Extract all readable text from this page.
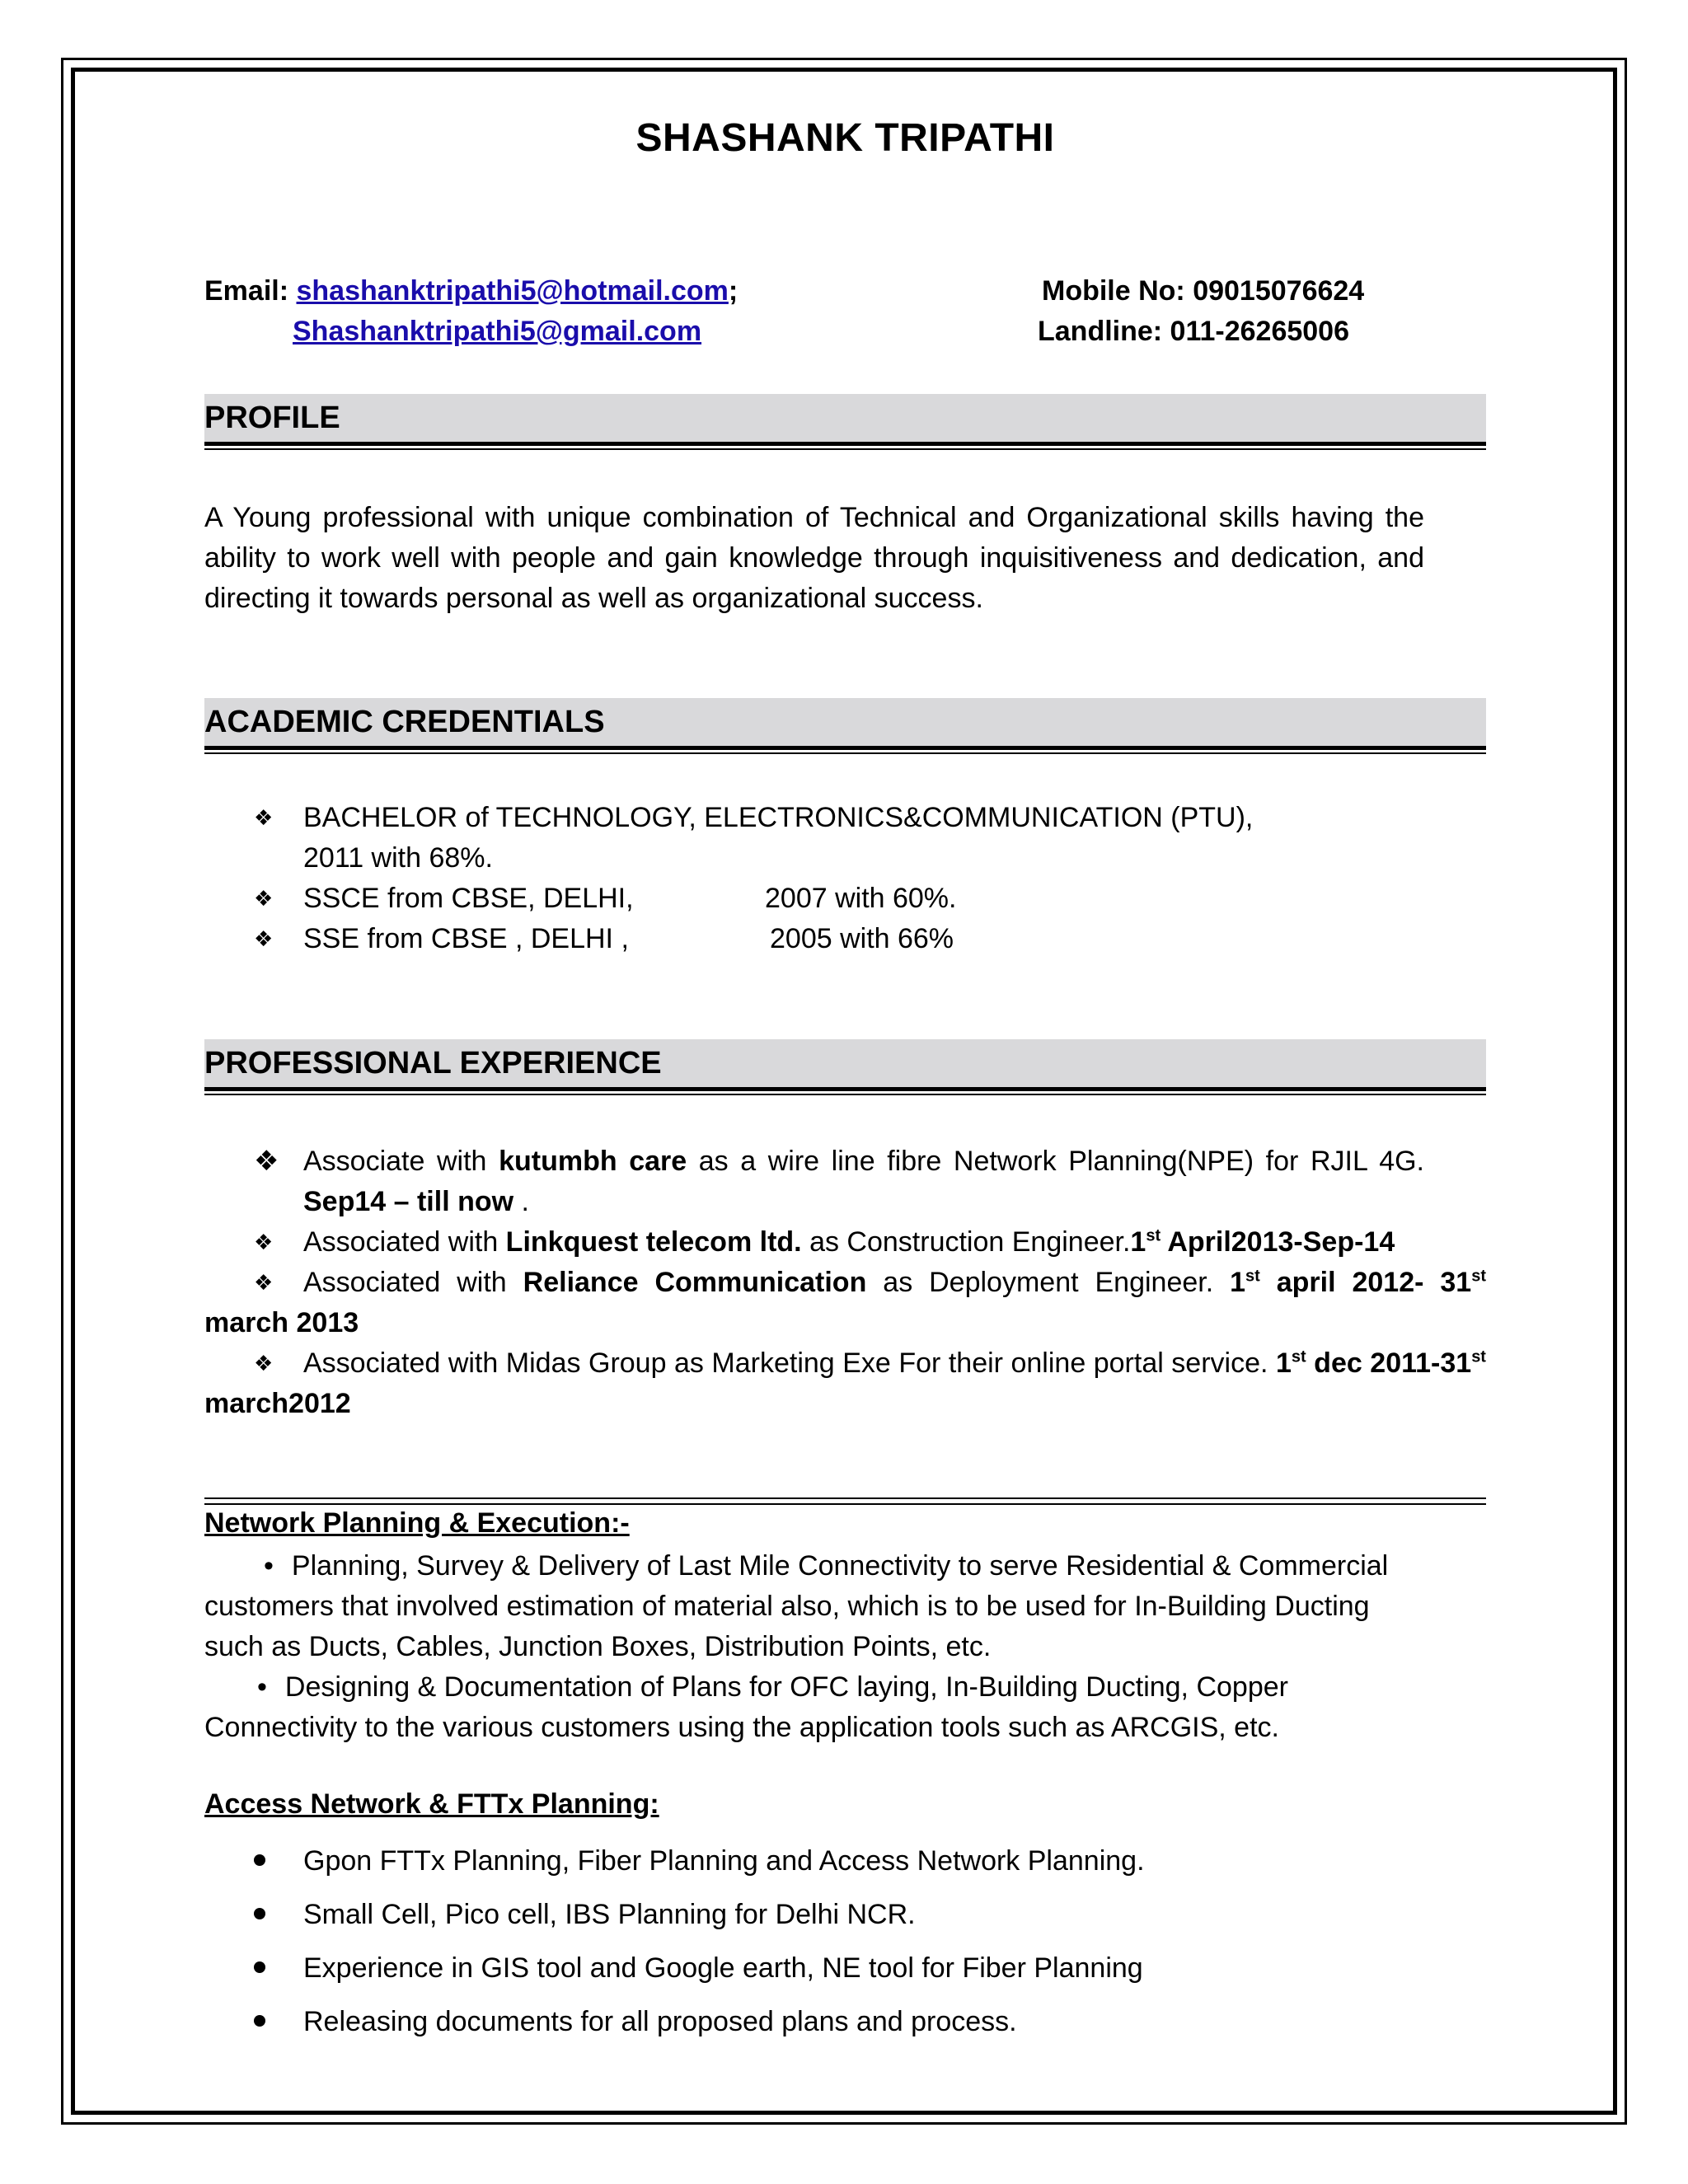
SHASHANK TRIPATHI
Email: shashanktripathi5@hotmail.com;
Shashanktripathi5@gmail.com
Mobile No: 09015076624
Landline: 011-26265006
PROFILE
A Young professional with unique combination of Technical and Organizational skills having the ability to work well with people and gain knowledge through inquisitiveness and dedication, and directing it towards personal as well as organizational success.
ACADEMIC CREDENTIALS
❖ BACHELOR of TECHNOLOGY, ELECTRONICS&COMMUNICATION (PTU), 2011 with 68%.
❖ SSCE from CBSE, DELHI,	2007 with 60%.
❖ SSE from CBSE , DELHI ,	2005 with 66%
PROFESSIONAL EXPERIENCE
❖ Associate with kutumbh care as a wire line fibre Network Planning(NPE) for RJIL 4G. Sep14 – till now .
❖ Associated with Linkquest telecom ltd. as Construction Engineer.1st April2013-Sep-14
❖ Associated with Reliance Communication as Deployment Engineer. 1st april 2012- 31st march 2013
❖ Associated with Midas Group as Marketing Exe For their online portal service. 1st dec 2011-31st march2012
Network Planning & Execution:-
• Planning, Survey & Delivery of Last Mile Connectivity to serve Residential & Commercial customers that involved estimation of material also, which is to be used for In-Building Ducting such as Ducts, Cables, Junction Boxes, Distribution Points, etc.
• Designing & Documentation of Plans for OFC laying, In-Building Ducting, Copper Connectivity to the various customers using the application tools such as ARCGIS, etc.
Access Network & FTTx Planning:
Gpon FTTx Planning, Fiber Planning and Access Network Planning.
Small Cell, Pico cell, IBS Planning for Delhi NCR.
Experience in GIS tool and Google earth, NE tool for Fiber Planning
Releasing documents for all proposed plans and process.
